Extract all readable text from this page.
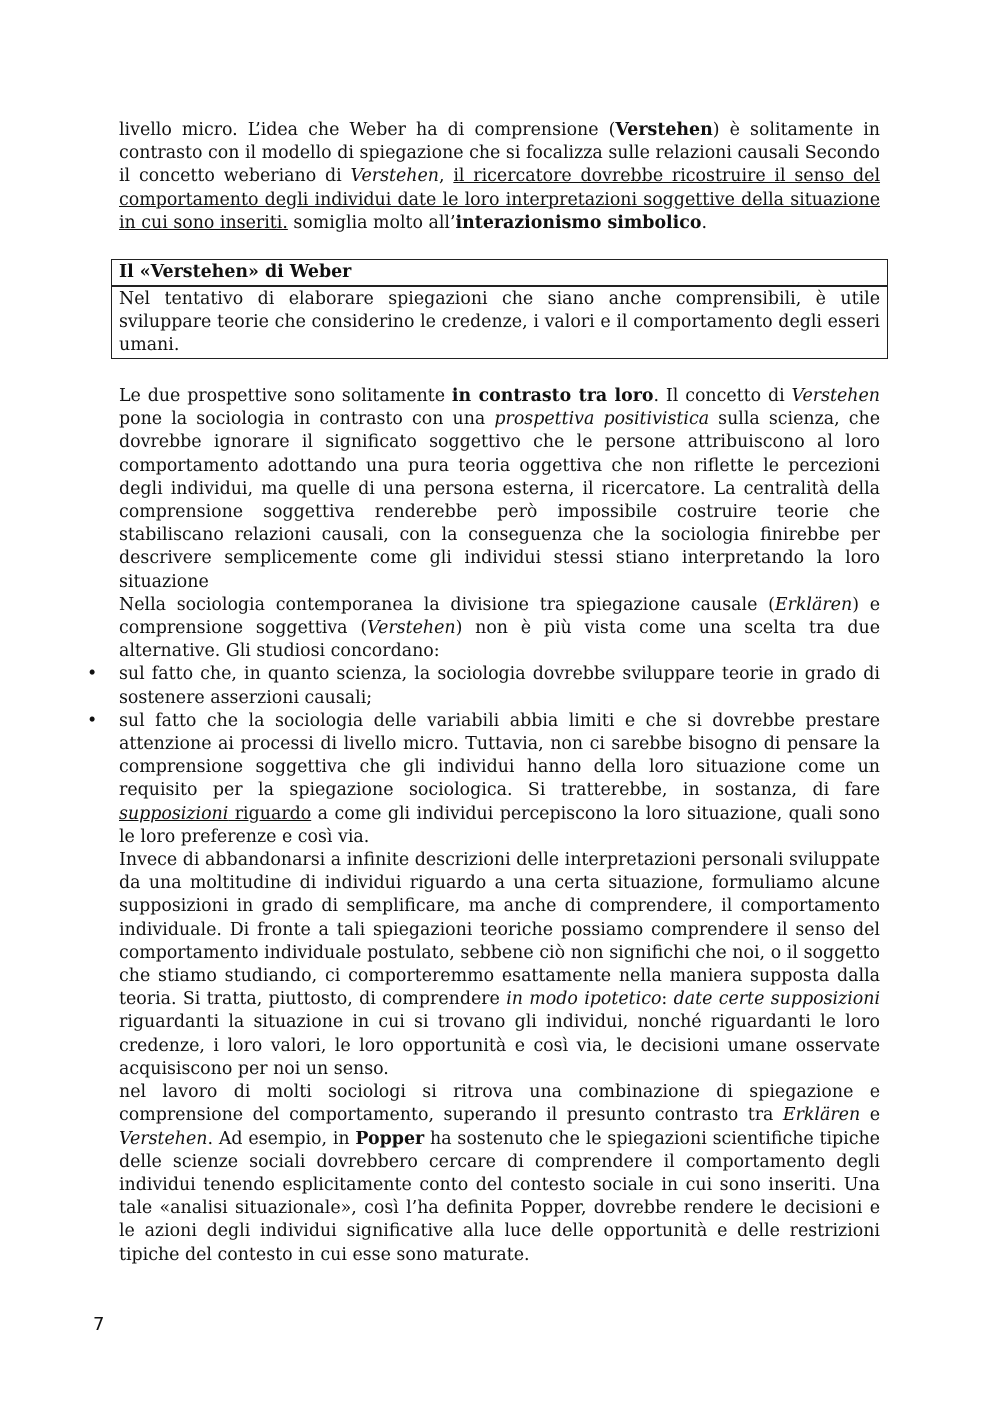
livello micro. L’idea che Weber ha di comprensione (Verstehen) è solitamente in contrasto con il modello di spiegazione che si focalizza sulle relazioni causali Secondo il concetto weberiano di Verstehen, il ricercatore dovrebbe ricostruire il senso del comportamento degli individui date le loro interpretazioni soggettive della situazione in cui sono inseriti. somiglia molto all’interazionismo simbolico.

Il «Verstehen» di Weber

Nel tentativo di elaborare spiegazioni che siano anche comprensibili, è utile sviluppare teorie che considerino le credenze, i valori e il comportamento degli esseri umani.

Le due prospettive sono solitamente in contrasto tra loro. Il concetto di Verstehen pone la sociologia in contrasto con una prospettiva positivistica sulla scienza, che dovrebbe ignorare il significato soggettivo che le persone attribuiscono al loro comportamento adottando una pura teoria oggettiva che non riflette le percezioni degli individui, ma quelle di una persona esterna, il ricercatore. La centralità della comprensione soggettiva renderebbe però impossibile costruire teorie che stabiliscano relazioni causali, con la conseguenza che la sociologia finirebbe per descrivere semplicemente come gli individui stessi stiano interpretando la loro situazione

Nella sociologia contemporanea la divisione tra spiegazione causale (Erklären) e comprensione soggettiva (Verstehen) non è più vista come una scelta tra due alternative. Gli studiosi concordano:

• sul fatto che, in quanto scienza, la sociologia dovrebbe sviluppare teorie in grado di sostenere asserzioni causali;
• sul fatto che la sociologia delle variabili abbia limiti e che si dovrebbe prestare attenzione ai processi di livello micro. Tuttavia, non ci sarebbe bisogno di pensare la comprensione soggettiva che gli individui hanno della loro situazione come un requisito per la spiegazione sociologica. Si tratterebbe, in sostanza, di fare supposizioni riguardo a come gli individui percepiscono la loro situazione, quali sono le loro preferenze e così via.

Invece di abbandonarsi a infinite descrizioni delle interpretazioni personali sviluppate da una moltitudine di individui riguardo a una certa situazione, formuliamo alcune supposizioni in grado di semplificare, ma anche di comprendere, il comportamento individuale. Di fronte a tali spiegazioni teoriche possiamo comprendere il senso del comportamento individuale postulato, sebbene ciò non significhi che noi, o il soggetto che stiamo studiando, ci comporteremmo esattamente nella maniera supposta dalla teoria. Si tratta, piuttosto, di comprendere in modo ipotetico: date certe supposizioni riguardanti la situazione in cui si trovano gli individui, nonché riguardanti le loro credenze, i loro valori, le loro opportunità e così via, le decisioni umane osservate acquisiscono per noi un senso.

nel lavoro di molti sociologi si ritrova una combinazione di spiegazione e comprensione del comportamento, superando il presunto contrasto tra Erklären e Verstehen. Ad esempio, in Popper ha sostenuto che le spiegazioni scientifiche tipiche delle scienze sociali dovrebbero cercare di comprendere il comportamento degli individui tenendo esplicitamente conto del contesto sociale in cui sono inseriti. Una tale «analisi situazionale», così l’ha definita Popper, dovrebbe rendere le decisioni e le azioni degli individui significative alla luce delle opportunità e delle restrizioni tipiche del contesto in cui esse sono maturate.

7
